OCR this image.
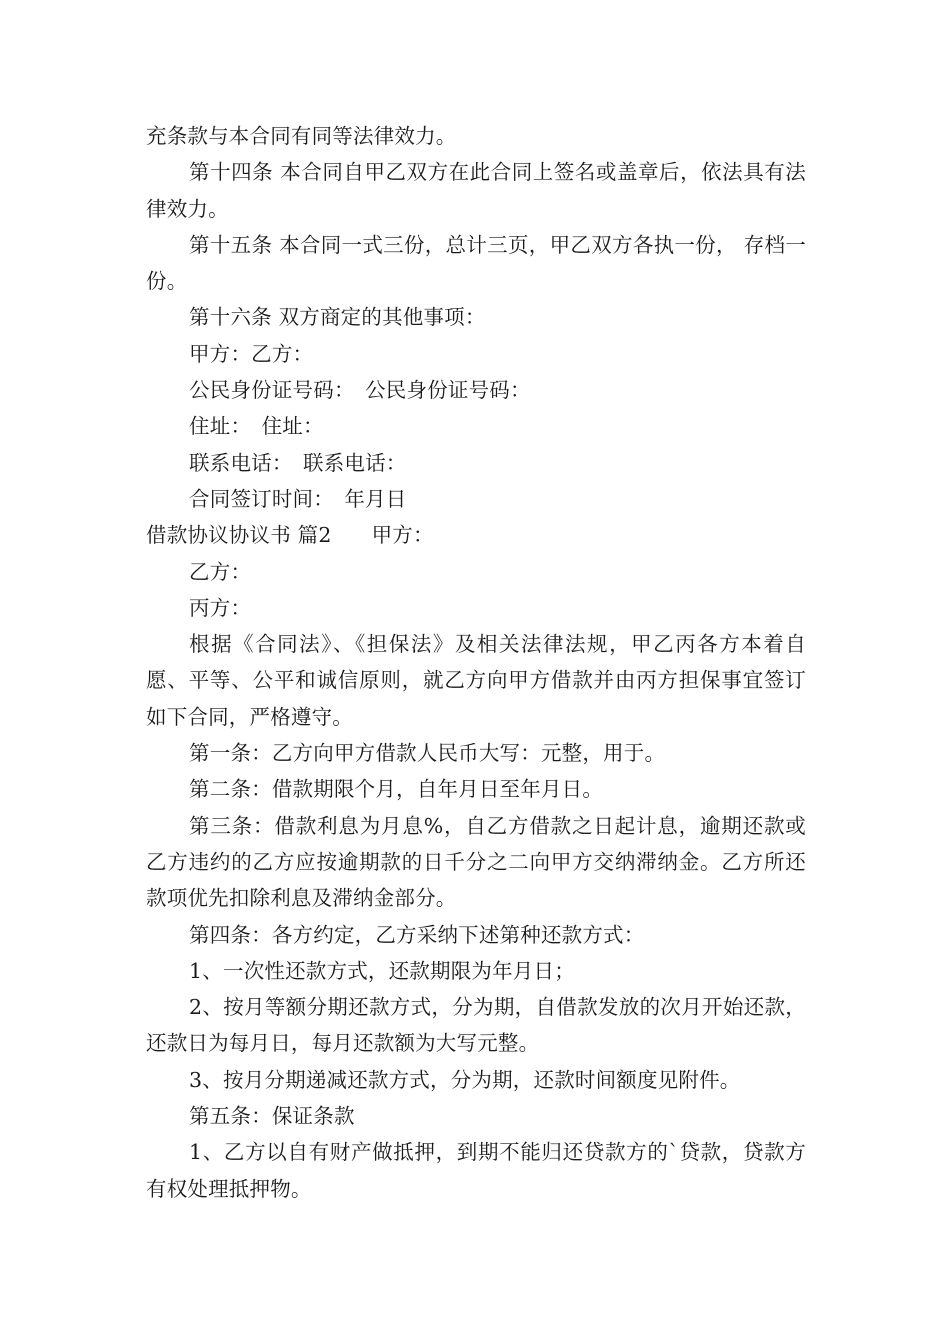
充条款与本合同有同等法律效力。

第十四条 本合同自甲乙双方在此合同上签名或盖章后，依法具有法律效力。

第十五条 本合同一式三份，总计三页，甲乙双方各执一份， 存档一份。

第十六条 双方商定的其他事项：

甲方：乙方：

公民身份证号码：　公民身份证号码：

住址：　住址：

联系电话：　联系电话：

合同签订时间：　年月日

借款协议协议书 篇2 甲方：

乙方：

丙方：

根据《合同法》、《担保法》及相关法律法规，甲乙丙各方本着自愿、平等、公平和诚信原则，就乙方向甲方借款并由丙方担保事宜签订如下合同，严格遵守。

第一条：乙方向甲方借款人民币大写：元整，用于。

第二条：借款期限个月，自年月日至年月日。

第三条：借款利息为月息%，自乙方借款之日起计息，逾期还款或乙方违约的乙方应按逾期款的日千分之二向甲方交纳滞纳金。乙方所还款项优先扣除利息及滞纳金部分。

第四条：各方约定，乙方采纳下述第种还款方式：

1、一次性还款方式，还款期限为年月日；

2、按月等额分期还款方式，分为期，自借款发放的次月开始还款，还款日为每月日，每月还款额为大写元整。

3、按月分期递减还款方式，分为期，还款时间额度见附件。

第五条：保证条款

1、乙方以自有财产做抵押，到期不能归还贷款方的`贷款，贷款方有权处理抵押物。
